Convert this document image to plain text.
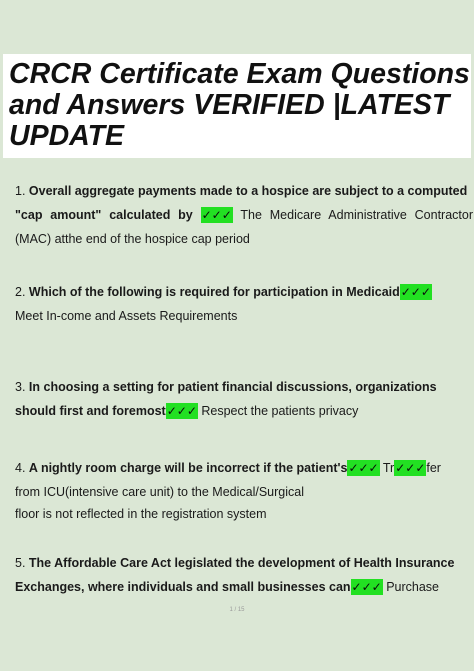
CRCR Certificate Exam Questions
and Answers VERIFIED |LATEST
UPDATE
1. Overall aggregate payments made to a hospice are subject to a computed
"cap amount" calculated by ✓✓✓ The Medicare Administrative Contractor
(MAC) atthe end of the hospice cap period
2. Which of the following is required for participation in Medicaid✓✓✓
Meet In-come and Assets Requirements
3. In choosing a setting for patient financial discussions, organizations
should first and foremost✓✓✓ Respect the patients privacy
4. A nightly room charge will be incorrect if the patient's✓✓✓ Tr✓✓✓fer
from ICU(intensive care unit) to the Medical/Surgical
floor is not reflected in the registration system
5. The Affordable Care Act legislated the development of Health Insurance
Exchanges, where individuals and small businesses can✓✓✓ Purchase
1 / 15
